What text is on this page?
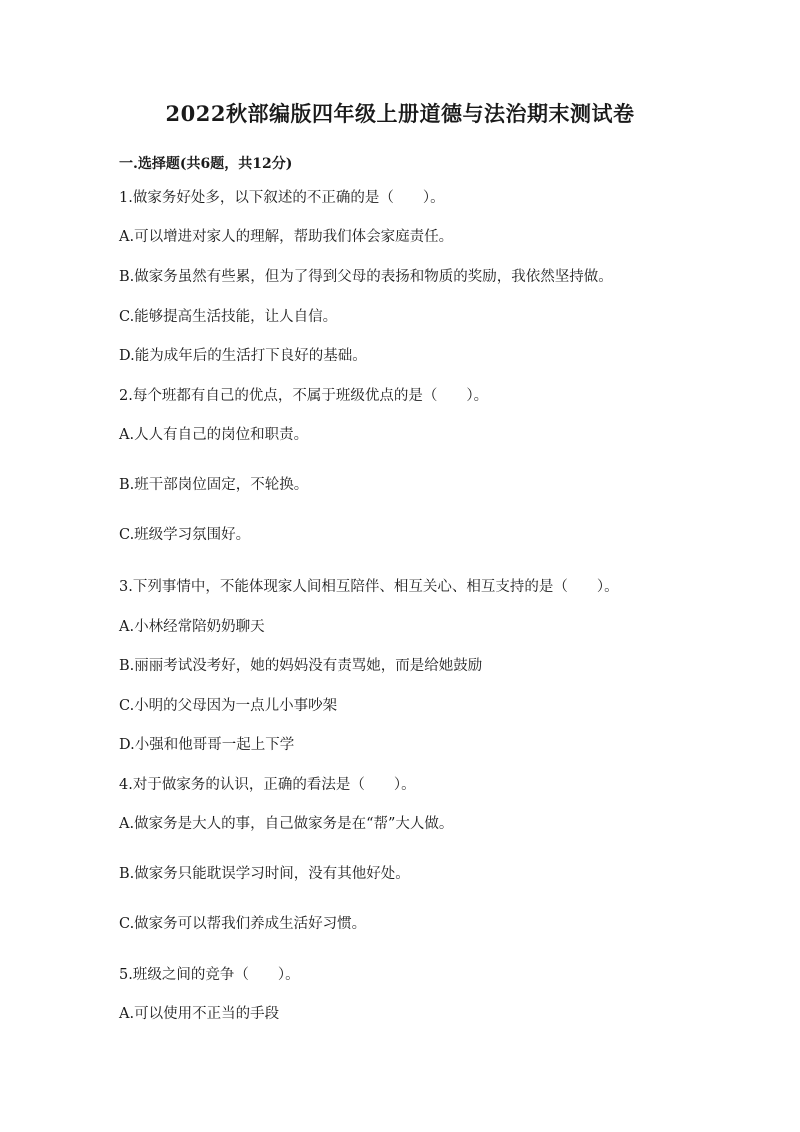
2022秋部编版四年级上册道德与法治期末测试卷
一.选择题(共6题，共12分)
1.做家务好处多，以下叙述的不正确的是（　　）。
A.可以增进对家人的理解，帮助我们体会家庭责任。
B.做家务虽然有些累，但为了得到父母的表扬和物质的奖励，我依然坚持做。
C.能够提高生活技能，让人自信。
D.能为成年后的生活打下良好的基础。
2.每个班都有自己的优点，不属于班级优点的是（　　）。
A.人人有自己的岗位和职责。
B.班干部岗位固定，不轮换。
C.班级学习氛围好。
3.下列事情中，不能体现家人间相互陪伴、相互关心、相互支持的是（　　）。
A.小林经常陪奶奶聊天
B.丽丽考试没考好，她的妈妈没有责骂她，而是给她鼓励
C.小明的父母因为一点儿小事吵架
D.小强和他哥哥一起上下学
4.对于做家务的认识，正确的看法是（　　）。
A.做家务是大人的事，自己做家务是在“帮”大人做。
B.做家务只能耽误学习时间，没有其他好处。
C.做家务可以帮我们养成生活好习惯。
5.班级之间的竞争（　　）。
A.可以使用不正当的手段
